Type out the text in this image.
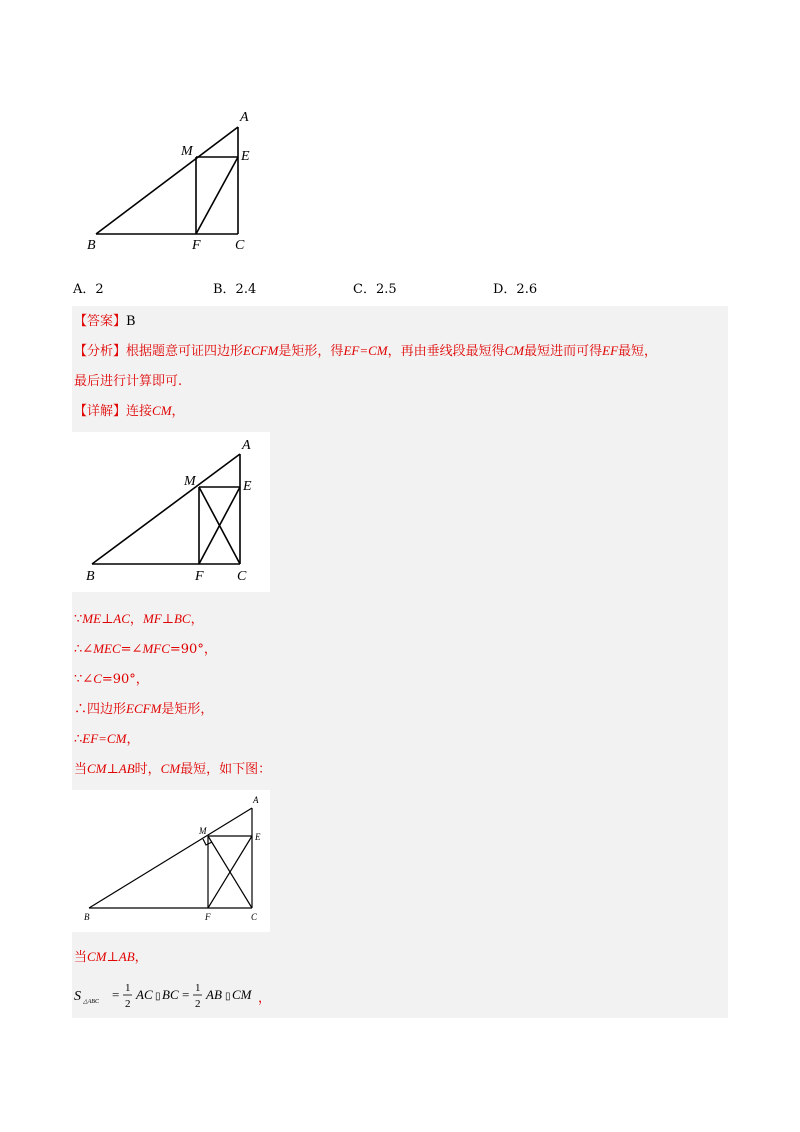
A
M	E
B	F C
A．2	B．2.4	C．2.5	D．2.6
【答案】B
【分析】根据题意可证四边形ECFM是矩形，得EF=CM，再由垂线段最短得CM最短进而可得EF最短，
最后进行计算即可.
【详解】连接CM，
A
M	E
B	F C
∵ME⊥AC，MF⊥BC，
∴∠MEC=∠MFC=90°，
∵∠C=90°，
∴四边形ECFM是矩形，
∴EF=CM，
当CM⊥AB时，CM最短，如下图：
A
M
E
B	F	C
当CM⊥AB，
S △ABC = 1
2
AC ▯ BC = 1
2
AB ▯ CM ，
